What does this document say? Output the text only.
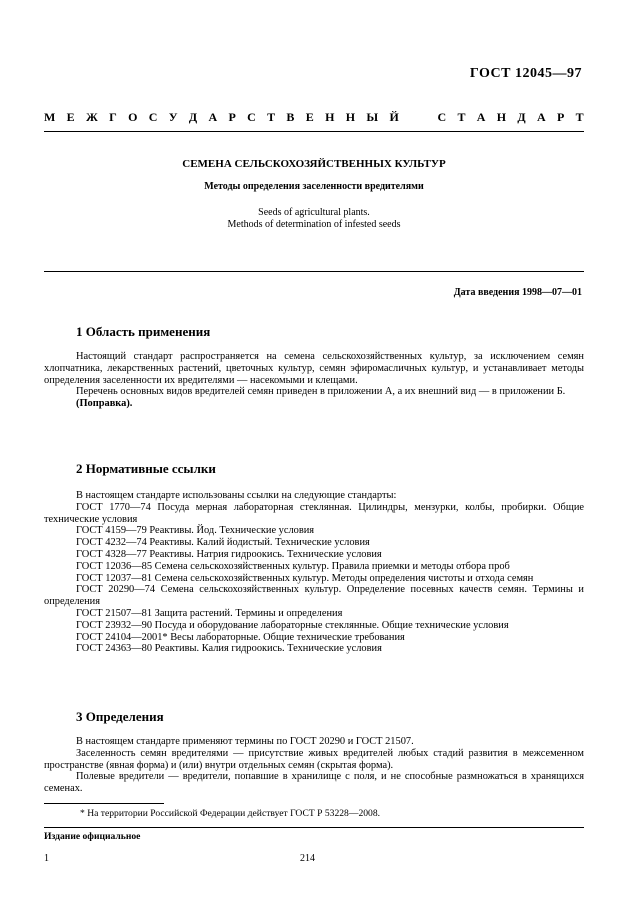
ГОСТ 12045—97
М Е Ж Г О С У Д А Р С Т В Е Н Н Ы Й	С Т А Н Д А Р Т
СЕМЕНА СЕЛЬСКОХОЗЯЙСТВЕННЫХ КУЛЬТУР
Методы определения заселенности вредителями
Seeds of agricultural plants.
Methods of determination of infested seeds
Дата введения 1998—07—01
1 Область применения

Настоящий стандарт распространяется на семена сельскохозяйственных культур, за исключением семян хлопчатника, лекарственных растений, цветочных культур, семян эфиромасличных культур, и устанавливает методы определения заселенности их вредителями — насекомыми и клещами.

Перечень основных видов вредителей семян приведен в приложении А, а их внешний вид — в приложении Б.

(Поправка).

2 Нормативные ссылки

В настоящем стандарте использованы ссылки на следующие стандарты:

ГОСТ 1770—74 Посуда мерная лабораторная стеклянная. Цилиндры, мензурки, колбы, пробирки. Общие технические условия

ГОСТ 4159—79 Реактивы. Йод. Технические условия

ГОСТ 4232—74 Реактивы. Калий йодистый. Технические условия

ГОСТ 4328—77 Реактивы. Натрия гидроокись. Технические условия

ГОСТ 12036—85 Семена сельскохозяйственных культур. Правила приемки и методы отбора проб

ГОСТ 12037—81 Семена сельскохозяйственных культур. Методы определения чистоты и отхода семян

ГОСТ 20290—74 Семена сельскохозяйственных культур. Определение посевных качеств семян. Термины и определения

ГОСТ 21507—81 Защита растений. Термины и определения

ГОСТ 23932—90 Посуда и оборудование лабораторные стеклянные. Общие технические условия

ГОСТ 24104—2001* Весы лабораторные. Общие технические требования

ГОСТ 24363—80 Реактивы. Калия гидроокись. Технические условия

3 Определения

В настоящем стандарте применяют термины по ГОСТ 20290 и ГОСТ 21507.

Заселенность семян вредителями — присутствие живых вредителей любых стадий развития в межсеменном пространстве (явная форма) и (или) внутри отдельных семян (скрытая форма).

Полевые вредители — вредители, попавшие в хранилище с поля, и не способные размножаться в хранящихся семенах.

* На территории Российской Федерации действует ГОСТ Р 53228—2008.
Издание официальное
1	214
